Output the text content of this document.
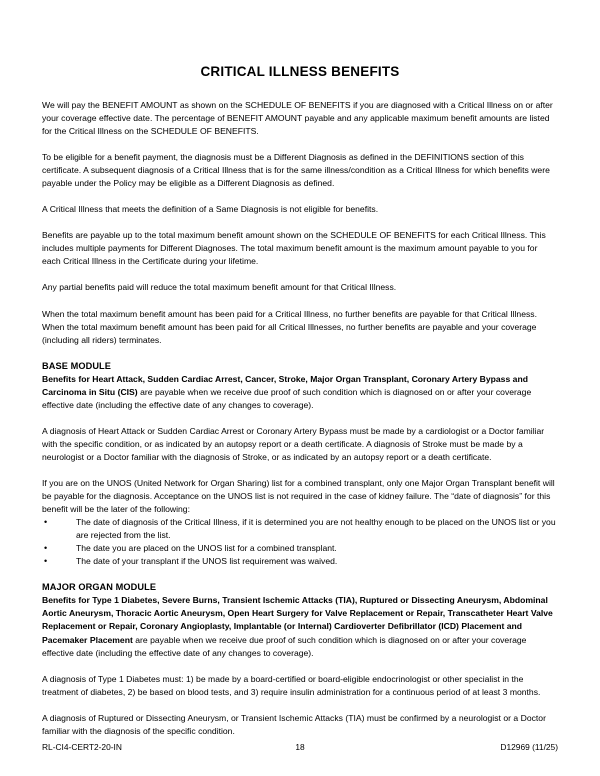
CRITICAL ILLNESS BENEFITS

We will pay the BENEFIT AMOUNT as shown on the SCHEDULE OF BENEFITS if you are diagnosed with a Critical Illness on or after your coverage effective date. The percentage of BENEFIT AMOUNT payable and any applicable maximum benefit amounts are listed for the Critical Illness on the SCHEDULE OF BENEFITS.

To be eligible for a benefit payment, the diagnosis must be a Different Diagnosis as defined in the DEFINITIONS section of this certificate. A subsequent diagnosis of a Critical Illness that is for the same illness/condition as a Critical Illness for which benefits were payable under the Policy may be eligible as a Different Diagnosis as defined.

A Critical Illness that meets the definition of a Same Diagnosis is not eligible for benefits.

Benefits are payable up to the total maximum benefit amount shown on the SCHEDULE OF BENEFITS for each Critical Illness. This includes multiple payments for Different Diagnoses. The total maximum benefit amount is the maximum amount payable to you for each Critical Illness in the Certificate during your lifetime.

Any partial benefits paid will reduce the total maximum benefit amount for that Critical Illness.

When the total maximum benefit amount has been paid for a Critical Illness, no further benefits are payable for that Critical Illness. When the total maximum benefit amount has been paid for all Critical Illnesses, no further benefits are payable and your coverage (including all riders) terminates.

BASE MODULE

Benefits for Heart Attack, Sudden Cardiac Arrest, Cancer, Stroke, Major Organ Transplant, Coronary Artery Bypass and Carcinoma in Situ (CIS) are payable when we receive due proof of such condition which is diagnosed on or after your coverage effective date (including the effective date of any changes to coverage).

A diagnosis of Heart Attack or Sudden Cardiac Arrest or Coronary Artery Bypass must be made by a cardiologist or a Doctor familiar with the specific condition, or as indicated by an autopsy report or a death certificate. A diagnosis of Stroke must be made by a neurologist or a Doctor familiar with the diagnosis of Stroke, or as indicated by an autopsy report or a death certificate.

If you are on the UNOS (United Network for Organ Sharing) list for a combined transplant, only one Major Organ Transplant benefit will be payable for the diagnosis. Acceptance on the UNOS list is not required in the case of kidney failure. The “date of diagnosis” for this benefit will be the later of the following:

•	The date of diagnosis of the Critical Illness, if it is determined you are not healthy enough to be placed on the UNOS list or you are rejected from the list.
•	The date you are placed on the UNOS list for a combined transplant.
•	The date of your transplant if the UNOS list requirement was waived.
MAJOR ORGAN MODULE

Benefits for Type 1 Diabetes, Severe Burns, Transient Ischemic Attacks (TIA), Ruptured or Dissecting Aneurysm, Abdominal Aortic Aneurysm, Thoracic Aortic Aneurysm, Open Heart Surgery for Valve Replacement or Repair, Transcatheter Heart Valve Replacement or Repair, Coronary Angioplasty, Implantable (or Internal) Cardioverter Defibrillator (ICD) Placement and Pacemaker Placement are payable when we receive due proof of such condition which is diagnosed on or after your coverage effective date (including the effective date of any changes to coverage).

A diagnosis of Type 1 Diabetes must: 1) be made by a board-certified or board-eligible endocrinologist or other specialist in the treatment of diabetes, 2) be based on blood tests, and 3) require insulin administration for a continuous period of at least 3 months.

A diagnosis of Ruptured or Dissecting Aneurysm, or Transient Ischemic Attacks (TIA) must be confirmed by a neurologist or a Doctor familiar with the diagnosis of the specific condition.

RL-CI4-CERT2-20-IN	18	D12969 (11/25)
